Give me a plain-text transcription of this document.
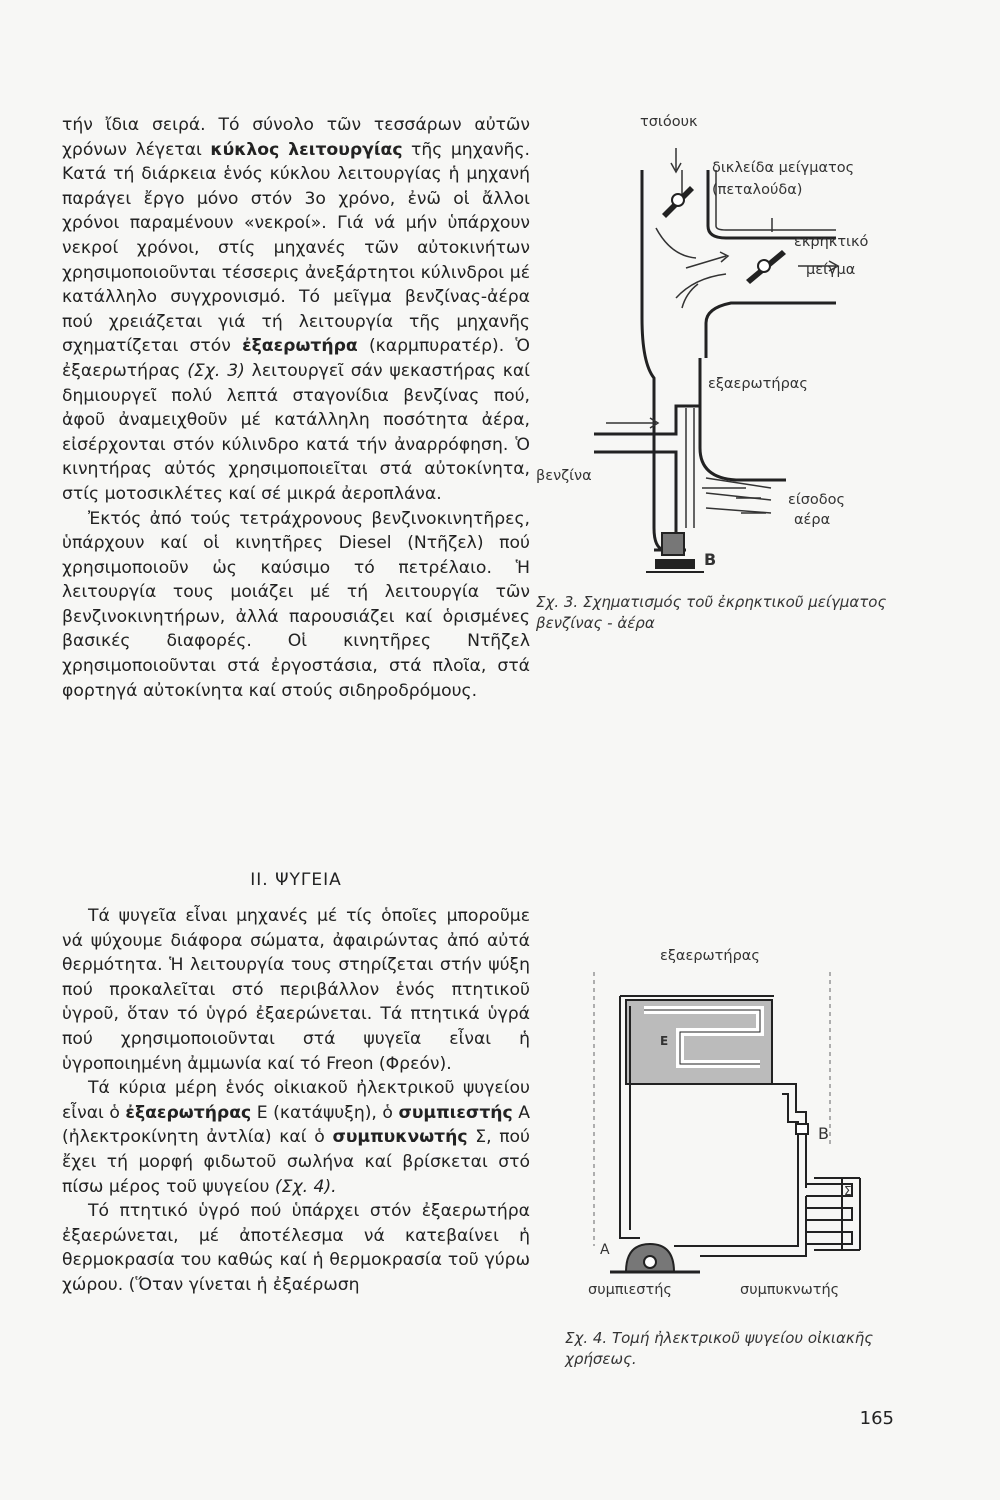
τήν ἴδια σειρά. Τό σύνολο τῶν τεσσάρων αὐτῶν χρόνων λέγεται κύκλος λειτουργίας τῆς μηχανῆς. Κατά τή διάρκεια ἑνός κύκλου λειτουργίας ἡ μηχανή παράγει ἔργο μόνο στόν 3ο χρόνο, ἐνῶ οἱ ἄλλοι χρόνοι παραμένουν «νεκροί». Γιά νά μήν ὑπάρχουν νεκροί χρόνοι, στίς μηχανές τῶν αὐτοκινήτων χρησιμοποιοῦνται τέσσερις ἀνεξάρτητοι κύλινδροι μέ κατάλληλο συγχρονισμό. Τό μεῖγμα βενζίνας-ἀέρα πού χρειάζεται γιά τή λειτουργία τῆς μηχανῆς σχηματίζεται στόν ἐξαερωτήρα (καρμπυρατέρ). Ὁ ἐξαερωτήρας (Σχ. 3) λειτουργεῖ σάν ψεκαστήρας καί δημιουργεῖ πολύ λεπτά σταγονίδια βενζίνας πού, ἀφοῦ ἀναμειχθοῦν μέ κατάλληλη ποσότητα ἀέρα, εἰσέρχονται στόν κύλινδρο κατά τήν ἀναρρόφηση. Ὁ κινητήρας αὐτός χρησιμοποιεῖται στά αὐτοκίνητα, στίς μοτοσικλέτες καί σέ μικρά ἀεροπλάνα.

Ἐκτός ἀπό τούς τετράχρονους βενζινοκινητῆρες, ὑπάρχουν καί οἱ κινητῆρες Diesel (Ντῆζελ) πού χρησιμοποιοῦν ὡς καύσιμο τό πετρέλαιο. Ἡ λειτουργία τους μοιάζει μέ τή λειτουργία τῶν βενζινοκινητήρων, ἀλλά παρουσιάζει καί ὁρισμένες βασικές διαφορές. Οἱ κινητῆρες Ντῆζελ χρησιμοποιοῦνται στά ἐργοστάσια, στά πλοῖα, στά φορτηγά αὐτοκίνητα καί στούς σιδηροδρόμους.

II. ΨΥΓΕΙΑ

Τά ψυγεῖα εἶναι μηχανές μέ τίς ὁποῖες μποροῦμε νά ψύχουμε διάφορα σώματα, ἀφαιρώντας ἀπό αὐτά θερμότητα. Ἡ λειτουργία τους στηρίζεται στήν ψύξη πού προκαλεῖται στό περιβάλλον ἑνός πτητικοῦ ὑγροῦ, ὅταν τό ὑγρό ἐξαερώνεται. Τά πτητικά ὑγρά πού χρησιμοποιοῦνται στά ψυγεῖα εἶναι ἡ ὑγροποιημένη ἀμμωνία καί τό Freon (Φρεόν).

Τά κύρια μέρη ἑνός οἰκιακοῦ ἠλεκτρικοῦ ψυγείου εἶναι ὁ ἐξαερωτήρας Ε (κατάψυξη), ὁ συμπιεστής Α (ἠλεκτροκίνητη ἀντλία) καί ὁ συμπυκνωτής Σ, πού ἔχει τή μορφή φιδωτοῦ σωλήνα καί βρίσκεται στό πίσω μέρος τοῦ ψυγείου (Σχ. 4).

Τό πτητικό ὑγρό πού ὑπάρχει στόν ἐξαερωτήρα ἐξαερώνεται, μέ ἀποτέλεσμα νά κατεβαίνει ἡ θερμοκρασία του καθώς καί ἡ θερμοκρασία τοῦ γύρω χώρου. (Ὅταν γίνεται ἡ ἐξαέρωση

τσιόουκ
δικλείδα μείγματος
(πεταλούδα)
εκρηκτικό
μείγμα
εξαερωτήρας
βενζίνα
είσοδος
αέρα
B
Σχ. 3. Σχηματισμός τοῦ ἐκρηκτικοῦ μείγματος βενζίνας - ἀέρα
εξαερωτήρας
Ε
B
Σ
Α
συμπιεστής	συμπυκνωτής
Σχ. 4. Τομή ἠλεκτρικοῦ ψυγείου οἰκιακῆς χρήσεως.
165
